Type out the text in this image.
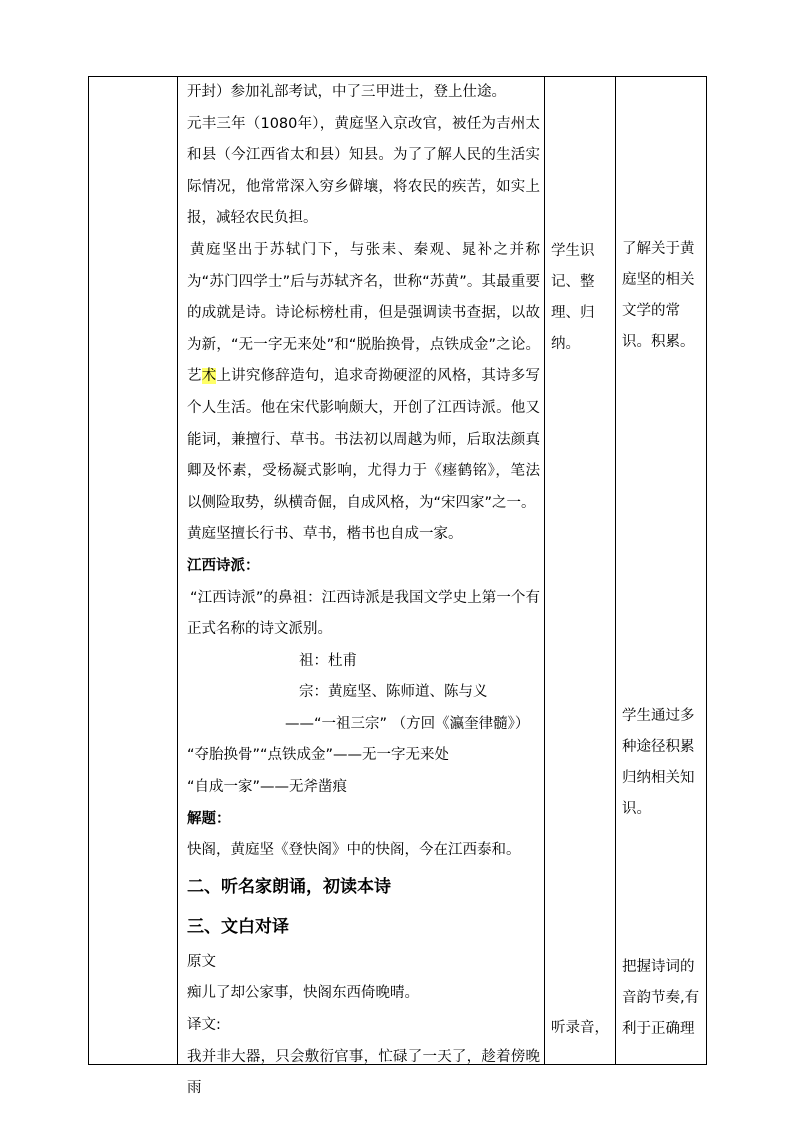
开封）参加礼部考试，中了三甲进士，登上仕途。

元丰三年（1080年），黄庭坚入京改官，被任为吉州太和县（今江西省太和县）知县。为了了解人民的生活实际情况，他常常深入穷乡僻壤，将农民的疾苦，如实上报，减轻农民负担。

黄庭坚出于苏轼门下，与张耒、秦观、晁补之并称为“苏门四学士”后与苏轼齐名，世称“苏黄”。其最重要的成就是诗。诗论标榜杜甫，但是强调读书查据，以故为新，“无一字无来处”和“脱胎换骨，点铁成金”之论。艺术上讲究修辞造句，追求奇拗硬涩的风格，其诗多写个人生活。他在宋代影响颇大，开创了江西诗派。他又能词，兼擅行、草书。书法初以周越为师，后取法颜真卿及怀素，受杨凝式影响，尤得力于《瘗鹤铭》，笔法以侧险取势，纵横奇倔，自成风格，为“宋四家”之一。

黄庭坚擅长行书、草书，楷书也自成一家。

江西诗派：

“江西诗派”的鼻祖：江西诗派是我国文学史上第一个有正式名称的诗文派别。

祖：杜甫

宗：黄庭坚、陈师道、陈与义

——“一祖三宗” （方回《瀛奎律髓》）

“夺胎换骨”“点铁成金”——无一字无来处

“自成一家”——无斧凿痕

解题：

快阁，黄庭坚《登快阁》中的快阁，今在江西泰和。

二、听名家朗诵，初读本诗

三、文白对译

原文

痴儿了却公家事，快阁东西倚晚晴。

译文:

我并非大器，只会敷衍官事，忙碌了一天了，趁着傍晚雨

学生识记、整理、归纳。

听录音，

了解关于黄庭坚的相关文学的常识。积累。

学生通过多种途径积累归纳相关知识。

把握诗词的音韵节奏,有利于正确理
